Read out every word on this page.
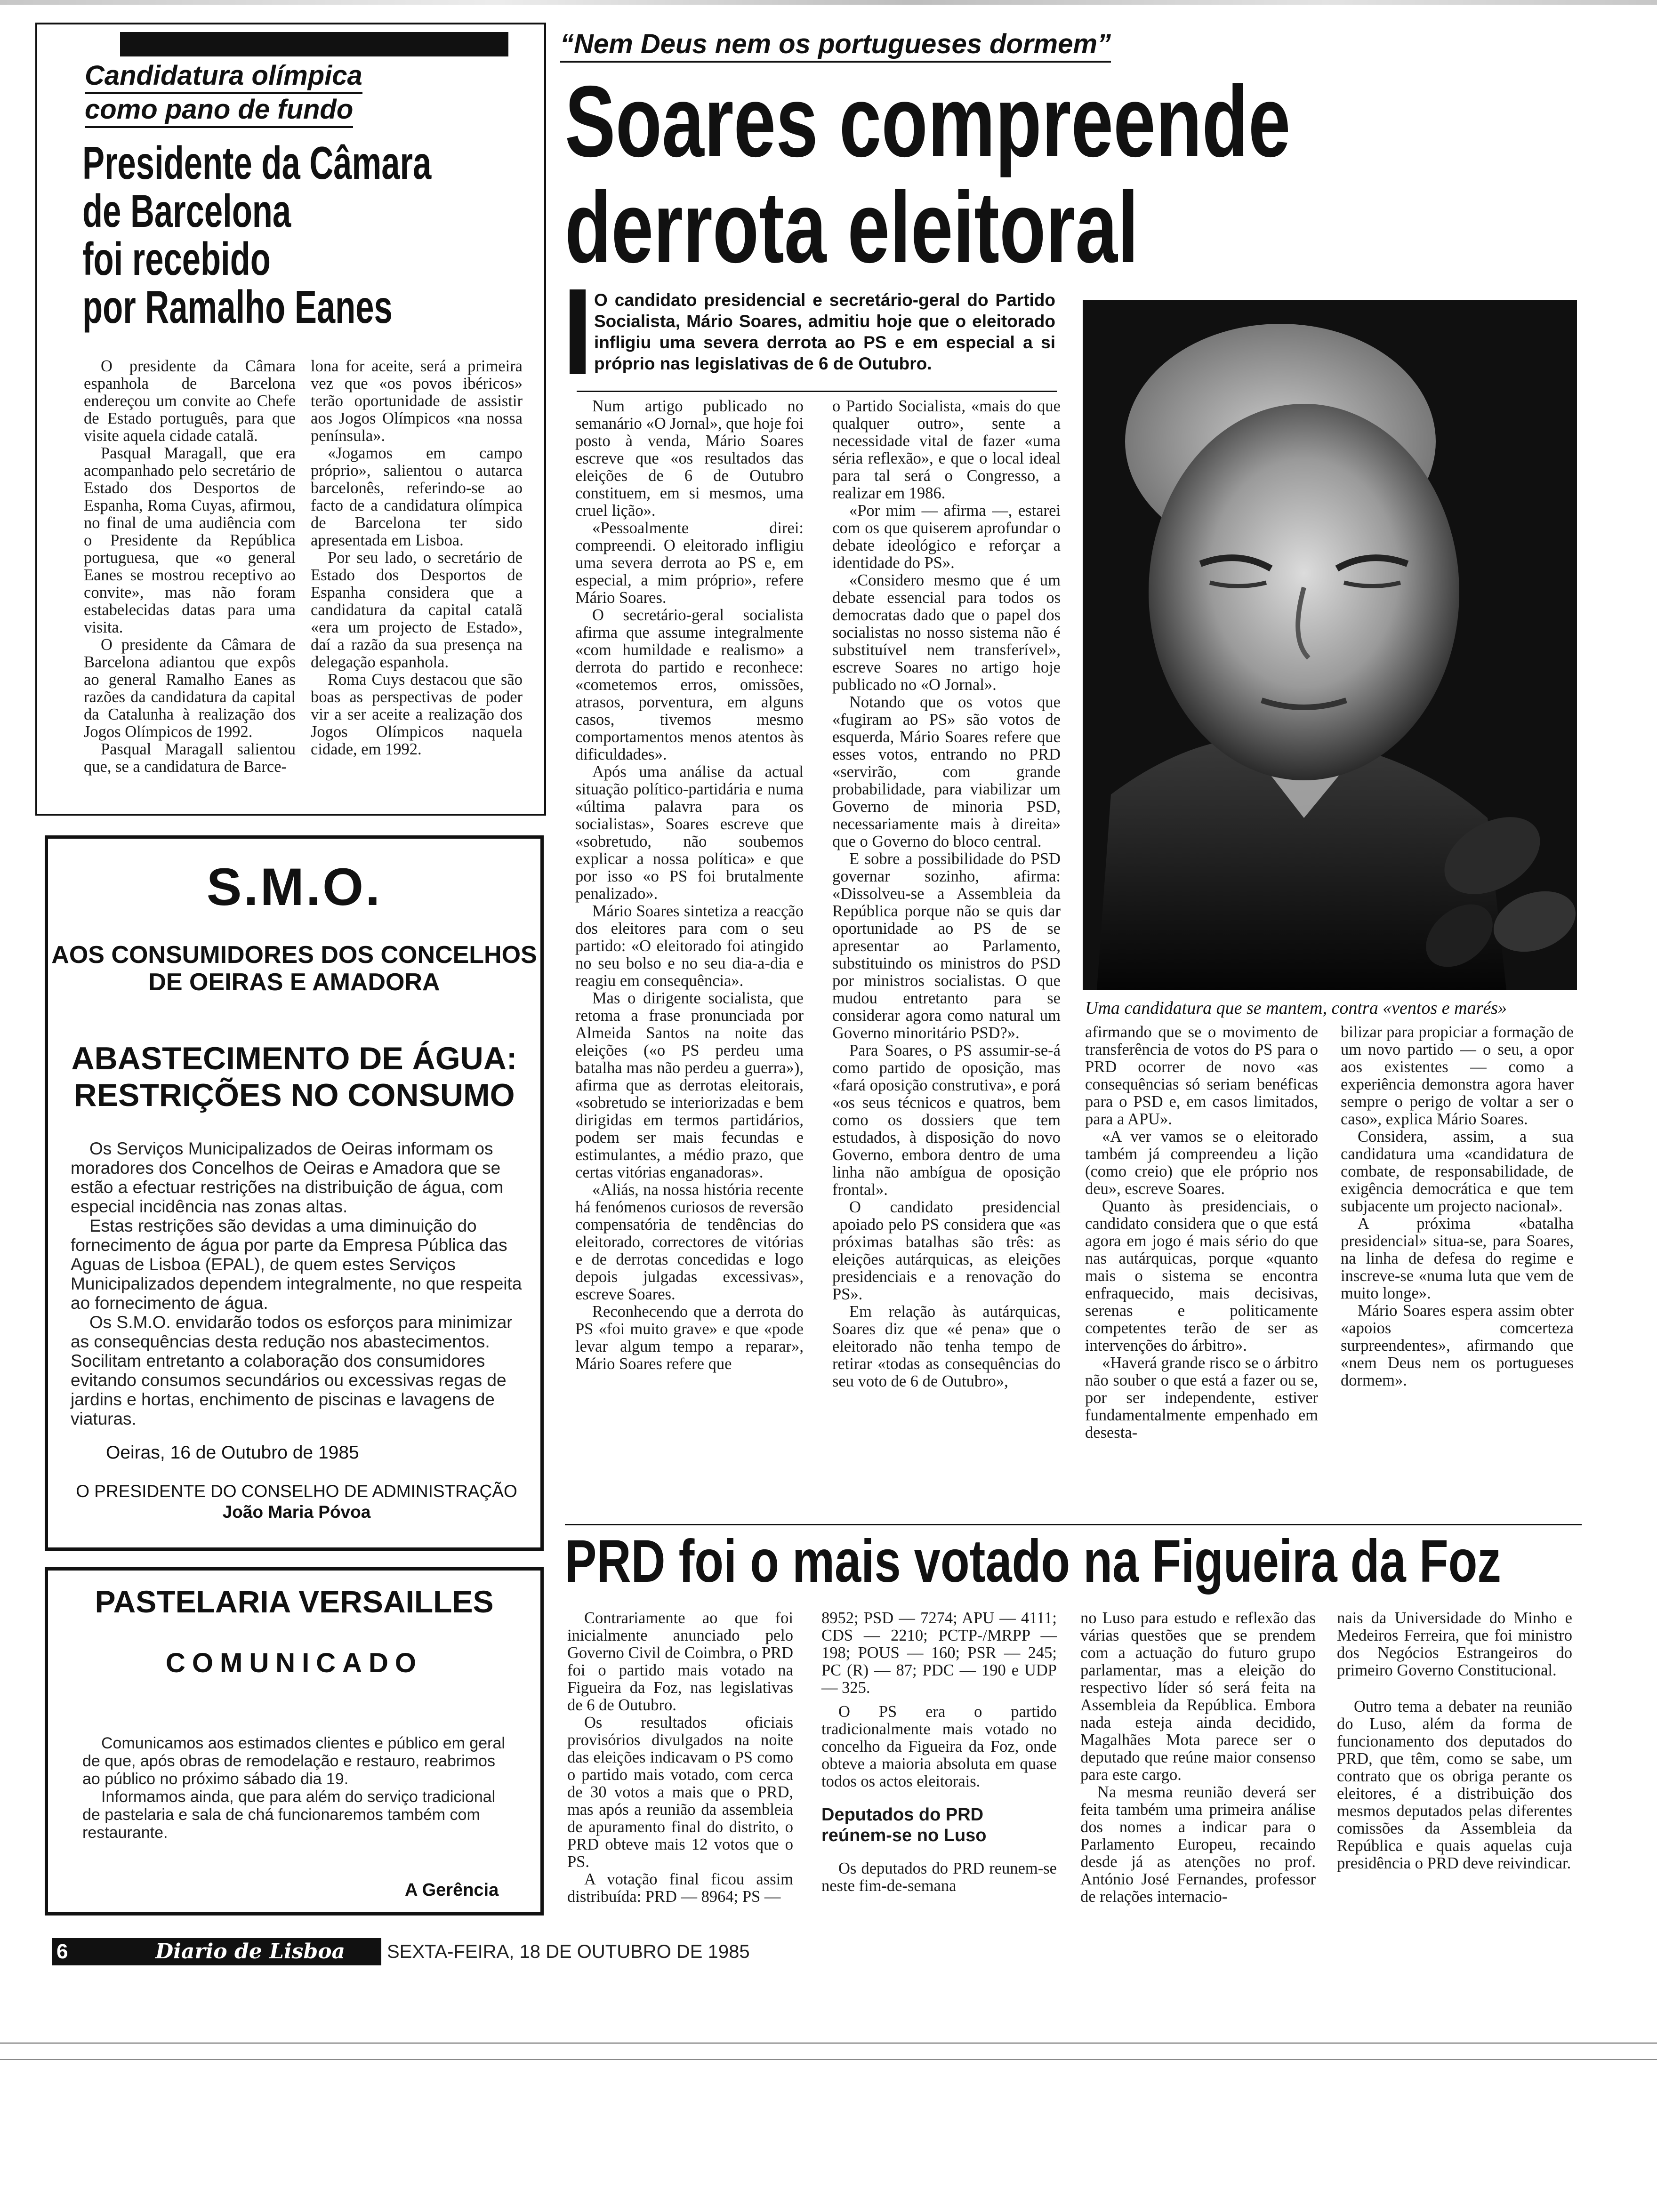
Candidatura olímpica
como pano de fundo
Presidente da Câmara
de Barcelona
foi recebido
por Ramalho Eanes

O presidente da Câmara espanhola de Barcelona endereçou um convite ao Chefe de Estado português, para que visite aquela cidade catalã.

Pasqual Maragall, que era acompanhado pelo secretário de Estado dos Desportos de Espanha, Roma Cuyas, afirmou, no final de uma audiência com o Presidente da República portuguesa, que «o general Eanes se mostrou receptivo ao convite», mas não foram estabelecidas datas para uma visita.

O presidente da Câmara de Barcelona adiantou que expôs ao general Ramalho Eanes as razões da candidatura da capital da Catalunha à realização dos Jogos Olímpicos de 1992.

Pasqual Maragall salientou que, se a candidatura de Barce-

lona for aceite, será a primeira vez que «os povos ibéricos» terão oportunidade de assistir aos Jogos Olímpicos «na nossa península».

«Jogamos em campo próprio», salientou o autarca barcelonês, referindo-se ao facto de a candidatura olímpica de Barcelona ter sido apresentada em Lisboa.

Por seu lado, o secretário de Estado dos Desportos de Espanha considera que a candidatura da capital catalã «era um projecto de Estado», daí a razão da sua presença na delegação espanhola.

Roma Cuys destacou que são boas as perspectivas de poder vir a ser aceite a realização dos Jogos Olímpicos naquela cidade, em 1992.

S.M.O.
AOS CONSUMIDORES DOS CONCELHOS
DE OEIRAS E AMADORA
ABASTECIMENTO DE ÁGUA:
RESTRIÇÕES NO CONSUMO

Os Serviços Municipalizados de Oeiras informam os moradores dos Concelhos de Oeiras e Amadora que se estão a efectuar restrições na distribuição de água, com especial incidência nas zonas altas.

Estas restrições são devidas a uma diminuição do fornecimento de água por parte da Empresa Pública das Aguas de Lisboa (EPAL), de quem estes Serviços Municipalizados dependem integralmente, no que respeita ao fornecimento de água.

Os S.M.O. envidarão todos os esforços para minimizar as consequências desta redução nos abastecimentos. Socilitam entretanto a colaboração dos consumidores evitando consumos secundários ou excessivas regas de jardins e hortas, enchimento de piscinas e lavagens de viaturas.

Oeiras, 16 de Outubro de 1985
O PRESIDENTE DO CONSELHO DE ADMINISTRAÇÃO
João Maria Póvoa
PASTELARIA VERSAILLES
COMUNICADO

Comunicamos aos estimados clientes e público em geral de que, após obras de remodelação e restauro, reabrimos ao público no próximo sábado dia 19.

Informamos ainda, que para além do serviço tradicional de pastelaria e sala de chá funcionaremos também com restaurante.

A Gerência
“Nem Deus nem os portugueses dormem”
Soares compreende
derrota eleitoral
O candidato presidencial e secretário-geral do Partido Socialista, Mário Soares, admitiu hoje que o eleitorado infligiu uma severa derrota ao PS e em especial a si próprio nas legislativas de 6 de Outubro.

Num artigo publicado no semanário «O Jornal», que hoje foi posto à venda, Mário Soares escreve que «os resultados das eleições de 6 de Outubro constituem, em si mesmos, uma cruel lição».

«Pessoalmente direi: compreendi. O eleitorado infligiu uma severa derrota ao PS e, em especial, a mim próprio», refere Mário Soares.

O secretário-geral socialista afirma que assume integralmente «com humildade e realismo» a derrota do partido e reconhece: «cometemos erros, omissões, atrasos, porventura, em alguns casos, tivemos mesmo comportamentos menos atentos às dificuldades».

Após uma análise da actual situação político-partidária e numa «última palavra para os socialistas», Soares escreve que «sobretudo, não soubemos explicar a nossa política» e que por isso «o PS foi brutalmente penalizado».

Mário Soares sintetiza a reacção dos eleitores para com o seu partido: «O eleitorado foi atingido no seu bolso e no seu dia-a-dia e reagiu em consequência».

Mas o dirigente socialista, que retoma a frase pronunciada por Almeida Santos na noite das eleições («o PS perdeu uma batalha mas não perdeu a guerra»), afirma que as derrotas eleitorais, «sobretudo se interiorizadas e bem dirigidas em termos partidários, podem ser mais fecundas e estimulantes, a médio prazo, que certas vitórias enganadoras».

«Aliás, na nossa história recente há fenómenos curiosos de reversão compensatória de tendências do eleitorado, correctores de vitórias e de derrotas concedidas e logo depois julgadas excessivas», escreve Soares.

Reconhecendo que a derrota do PS «foi muito grave» e que «pode levar algum tempo a reparar», Mário Soares refere que

o Partido Socialista, «mais do que qualquer outro», sente a necessidade vital de fazer «uma séria reflexão», e que o local ideal para tal será o Congresso, a realizar em 1986.

«Por mim — afirma —, estarei com os que quiserem aprofundar o debate ideológico e reforçar a identidade do PS».

«Considero mesmo que é um debate essencial para todos os democratas dado que o papel dos socialistas no nosso sistema não é substituível nem transferível», escreve Soares no artigo hoje publicado no «O Jornal».

Notando que os votos que «fugiram ao PS» são votos de esquerda, Mário Soares refere que esses votos, entrando no PRD «servirão, com grande probabilidade, para viabilizar um Governo de minoria PSD, necessariamente mais à direita» que o Governo do bloco central.

E sobre a possibilidade do PSD governar sozinho, afirma: «Dissolveu-se a Assembleia da República porque não se quis dar oportunidade ao PS de se apresentar ao Parlamento, substituindo os ministros do PSD por ministros socialistas. O que mudou entretanto para se considerar agora como natural um Governo minoritário PSD?».

Para Soares, o PS assumir-se-á como partido de oposição, mas «fará oposição construtiva», e porá «os seus técnicos e quatros, bem como os dossiers que tem estudados, à disposição do novo Governo, embora dentro de uma linha não ambígua de oposição frontal».

O candidato presidencial apoiado pelo PS considera que «as próximas batalhas são três: as eleições autárquicas, as eleições presidenciais e a renovação do PS».

Em relação às autárquicas, Soares diz que «é pena» que o eleitorado não tenha tempo de retirar «todas as consequências do seu voto de 6 de Outubro»,

Uma candidatura que se mantem, contra «ventos e marés»

afirmando que se o movimento de transferência de votos do PS para o PRD ocorrer de novo «as consequências só seriam benéficas para o PSD e, em casos limitados, para a APU».

«A ver vamos se o eleitorado também já compreendeu a lição (como creio) que ele próprio nos deu», escreve Soares.

Quanto às presidenciais, o candidato considera que o que está agora em jogo é mais sério do que nas autárquicas, porque «quanto mais o sistema se encontra enfraquecido, mais decisivas, serenas e politicamente competentes terão de ser as intervenções do árbitro».

«Haverá grande risco se o árbitro não souber o que está a fazer ou se, por ser independente, estiver fundamentalmente empenhado em desesta-

bilizar para propiciar a formação de um novo partido — o seu, a opor aos existentes — como a experiência demonstra agora haver sempre o perigo de voltar a ser o caso», explica Mário Soares.

Considera, assim, a sua candidatura uma «candidatura de combate, de responsabilidade, de exigência democrática e que tem subjacente um projecto nacional».

A próxima «batalha presidencial» situa-se, para Soares, na linha de defesa do regime e inscreve-se «numa luta que vem de muito longe».

Mário Soares espera assim obter «apoios comcerteza surpreendentes», afirmando que «nem Deus nem os portugueses dormem».

PRD foi o mais votado na Figueira da Foz

Contrariamente ao que foi inicialmente anunciado pelo Governo Civil de Coimbra, o PRD foi o partido mais votado na Figueira da Foz, nas legislativas de 6 de Outubro.

Os resultados oficiais provisórios divulgados na noite das eleições indicavam o PS como o partido mais votado, com cerca de 30 votos a mais que o PRD, mas após a reunião da assembleia de apuramento final do distrito, o PRD obteve mais 12 votos que o PS.

A votação final ficou assim distribuída: PRD — 8964; PS —

8952; PSD — 7274; APU — 4111; CDS — 2210; PCTP-/MRPP — 198; POUS — 160; PSR — 245; PC (R) — 87; PDC — 190 e UDP — 325.

O PS era o partido tradicionalmente mais votado no concelho da Figueira da Foz, onde obteve a maioria absoluta em quase todos os actos eleitorais.

Deputados do PRD
reúnem-se no Luso

Os deputados do PRD reunem-se neste fim-de-semana

no Luso para estudo e reflexão das várias questões que se prendem com a actuação do futuro grupo parlamentar, mas a eleição do respectivo líder só será feita na Assembleia da República. Embora nada esteja ainda decidido, Magalhães Mota parece ser o deputado que reúne maior consenso para este cargo.

Na mesma reunião deverá ser feita também uma primeira análise dos nomes a indicar para o Parlamento Europeu, recaindo desde já as atenções no prof. António José Fernandes, professor de relações internacio-

nais da Universidade do Minho e Medeiros Ferreira, que foi ministro dos Negócios Estrangeiros do primeiro Governo Constitucional.

Outro tema a debater na reunião do Luso, além da forma de funcionamento dos deputados do PRD, que têm, como se sabe, um contrato que os obriga perante os eleitores, é a distribuição dos mesmos deputados pelas diferentes comissões da Assembleia da República e quais aquelas cuja presidência o PRD deve reivindicar.

6	Diario de Lisboa SEXTA-FEIRA, 18 DE OUTUBRO DE 1985
